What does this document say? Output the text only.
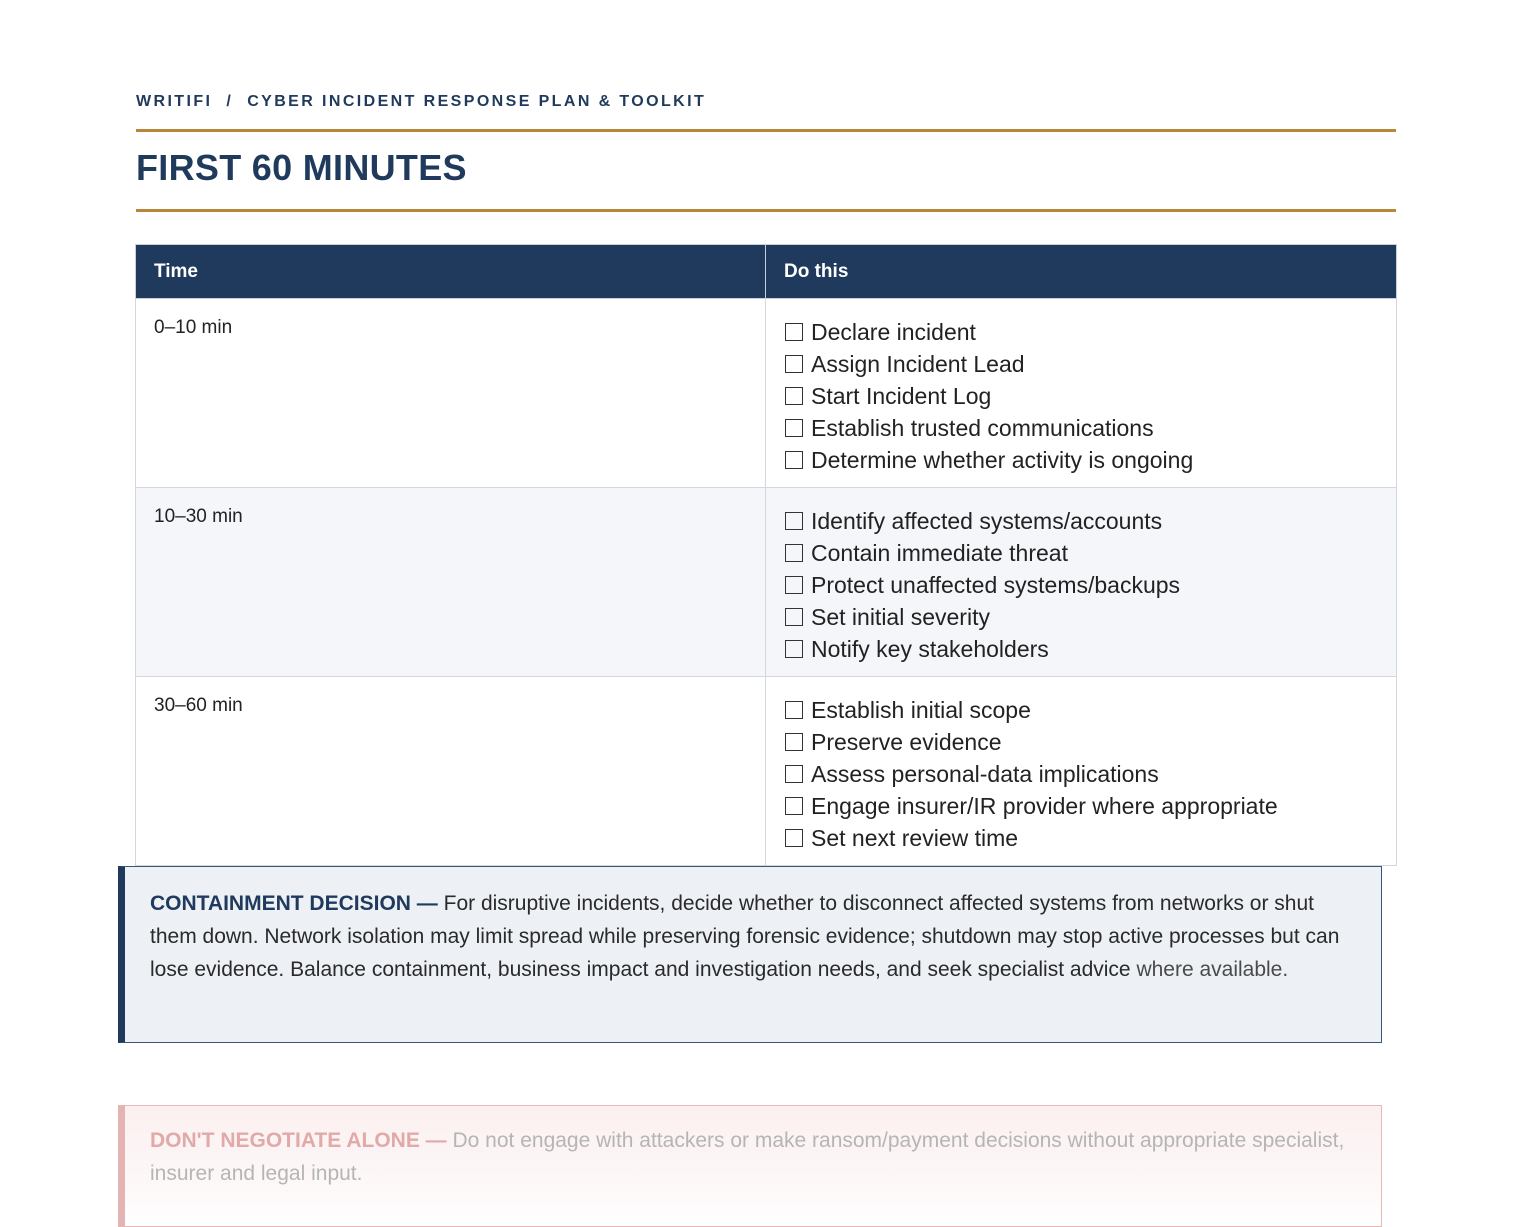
WRITIFI / CYBER INCIDENT RESPONSE PLAN & TOOLKIT
FIRST 60 MINUTES
Time	Do this
0–10 min	Declare incident
Assign Incident Lead
Start Incident Log
Establish trusted communications
Determine whether activity is ongoing

10–30 min	Identify affected systems/accounts
Contain immediate threat
Protect unaffected systems/backups
Set initial severity
Notify key stakeholders

30–60 min	Establish initial scope
Preserve evidence
Assess personal-data implications
Engage insurer/IR provider where appropriate
Set next review time
CONTAINMENT DECISION — For disruptive incidents, decide whether to disconnect affected systems from networks or shut them down. Network isolation may limit spread while preserving forensic evidence; shutdown may stop active processes but can lose evidence. Balance containment, business impact and investigation needs, and seek specialist advice where available.
DON'T NEGOTIATE ALONE — Do not engage with attackers or make ransom/payment decisions without appropriate specialist, insurer and legal input.
